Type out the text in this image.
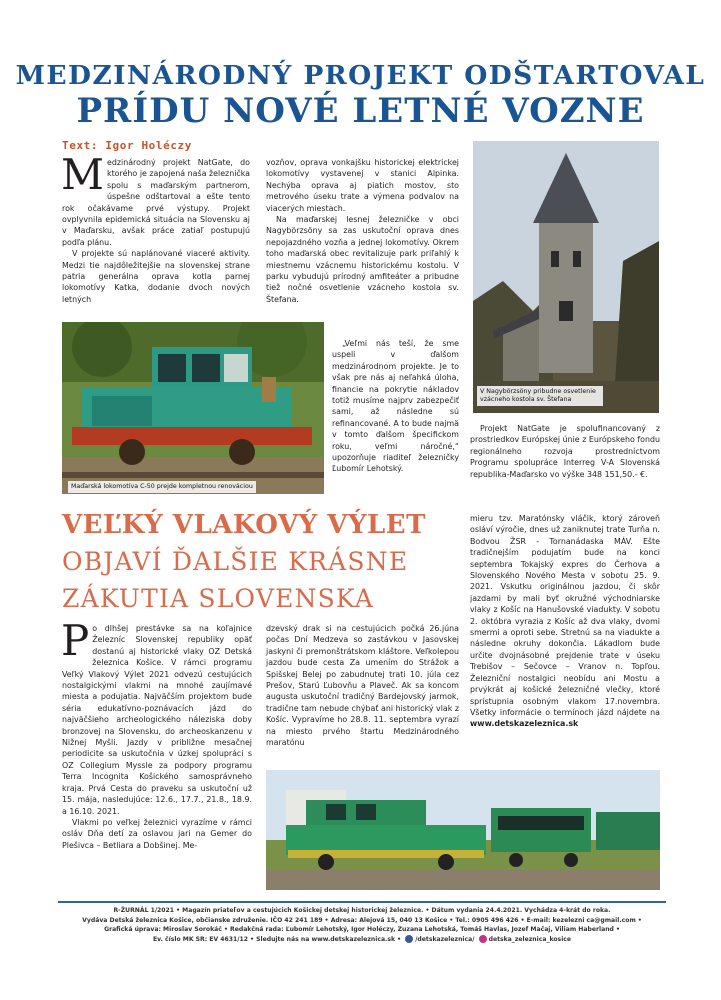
MEDZINÁRODNÝ PROJEKT ODŠTARTOVAL
PRÍDU NOVÉ LETNÉ VOZNE
Text: Igor Holéczy
M edzinárodný projekt NatGate, do ktorého je zapojená naša železnička spolu s maďarským partnerom, úspešne odštartoval a ešte tento rok očakávame prvé výstupy. Projekt ovplyvnila epidemická situácia na Slovensku aj v Maďarsku, avšak práce zatiaľ postupujú podľa plánu.

V projekte sú naplánované viaceré aktivity. Medzi tie najdôležitejšie na slovenskej strane patria generálna oprava kotla parnej lokomotívy Katka, dodanie dvoch nových letných

vozňov, oprava vonkajšku historickej elektrickej lokomotívy vystavenej v stanici Alpinka. Nechýba oprava aj piatich mostov, sto metrového úseku trate a výmena podvalov na viacerých miestach.

Na maďarskej lesnej železničke v obci Nagybörzsöny sa zas uskutoční oprava dnes nepojazdného vozňa a jednej lokomotívy. Okrem toho maďarská obec revitalizuje park priľahlý k miestnemu vzácnemu historickému kostolu. V parku vybudujú prírodný amfiteáter a pribudne tiež nočné osvetlenie vzácneho kostola sv. Štefana.

„Veľmi nás teší, že sme uspeli v ďalšom medzinárodnom projekte. Je to však pre nás aj neľahká úloha, financie na pokrytie nákladov totiž musíme najprv zabezpečiť sami, až následne sú refinancované. A to bude najmä v tomto ďalšom špecifickom roku, veľmi náročné,“ upozorňuje riaditeľ železničky Ľubomír Lehotský.

Maďarská lokomotíva C-50 prejde kompletnou renováciou
V Nagybörzsöny pribudne osvetlenie vzácneho kostola sv. Štefana

Projekt NatGate je spolufinancovaný z prostriedkov Európskej únie z Európskeho fondu regionálneho rozvoja prostredníctvom Programu spolupráce Interreg V-A Slovenská republika-Maďarsko vo výške 348 151,50.- €.

VEĽKÝ VLAKOVÝ VÝLET
OBJAVÍ ĎALŠIE KRÁSNE
ZÁKUTIA SLOVENSKA
P o dlhšej prestávke sa na koľajnice Železníc Slovenskej republiky opäť dostanú aj historické vlaky OZ Detská železnica Košice. V rámci programu Veľký Vlakový Výlet 2021 odvezú cestujúcich nostalgickými vlakmi na mnohé zaujímavé miesta a podujatia. Najväčším projektom bude séria edukatívno-poznávacích jázd do najväčšieho archeologického náleziska doby bronzovej na Slovensku, do archeoskanzenu v Nižnej Myšli. Jazdy v približne mesačnej periodicite sa uskutočnia v úzkej spolupráci s OZ Collegium Myssle za podpory programu Terra Incognita Košického samosprávneho kraja. Prvá Cesta do praveku sa uskutoční už 15. mája, nasledujúce: 12.6., 17.7., 21.8., 18.9. a 16.10. 2021.

Vlakmi po veľkej železnici vyrazíme v rámci osláv Dňa detí za oslavou jari na Gemer do Plešivca – Betliara a Dobšinej. Me-

dzevský drak si na cestujúcich počká 26.júna počas Dní Medzeva so zastávkou v Jasovskej jaskyni či premonštrátskom kláštore. Veľkolepou jazdou bude cesta Za umením do Strážok a Spišskej Belej po zabudnutej trati 10. júla cez Prešov, Starú Ľubovňu a Plaveč. Ak sa koncom augusta uskutoční tradičný Bardejovský jarmok, tradične tam nebude chýbať ani historický vlak z Košíc. Vypravíme ho 28.8. 11. septembra vyrazí na miesto prvého štartu Medzinárodného maratónu

mieru tzv. Maratónsky vláčik, ktorý zároveň osláví výročie, dnes už zaniknutej trate Turňa n. Bodvou ŽSR - Tornanádaska MÁV. Ešte tradičnejším podujatím bude na konci septembra Tokajský expres do Čerhova a Slovenského Nového Mesta v sobotu 25. 9. 2021. Vskutku originálnou jazdou, či skôr jazdami by mali byť okružné východniarske vlaky z Košíc na Hanušovské viadukty. V sobotu 2. októbra vyrazia z Košíc až dva vlaky, dvomi smermi a oproti sebe. Stretnú sa na viadukte a následne okruhy dokončia. Lákadlom bude určite dvojnásobné prejdenie trate v úseku Trebišov – Sečovce – Vranov n. Topľou. Železniční nostalgici neobídu ani Mostu a prvýkrát aj košické železničné vlečky, ktoré sprístupnia osobným vlakom 17.novembra. Všetky informácie o termínoch jázd nájdete na www.detskazeleznica.sk

R-ŽURNÁL 1/2021 • Magazín priateľov a cestujúcich Košickej detskej historickej železnice. • Dátum vydania 24.4.2021. Vychádza 4-krát do roka.
Vydáva Detská železnica Košice, občianske združenie. IČO 42 241 189 • Adresa: Alejová 15, 040 13 Košice • Tel.: 0905 496 426 • E-mail: kezelezni ca@gmail.com •
Grafická úprava: Miroslav Sorokáč • Redakčná rada: Ľubomír Lehotský, Igor Holéczy, Zuzana Lehotská, Tomáš Havlas, Jozef Mačaj, Viliam Haberland •
Ev. číslo MK SR: EV 4631/12 • Sledujte nás na www.detskazeleznica.sk • /detskazeleznica/ detska_zeleznica_kosice
